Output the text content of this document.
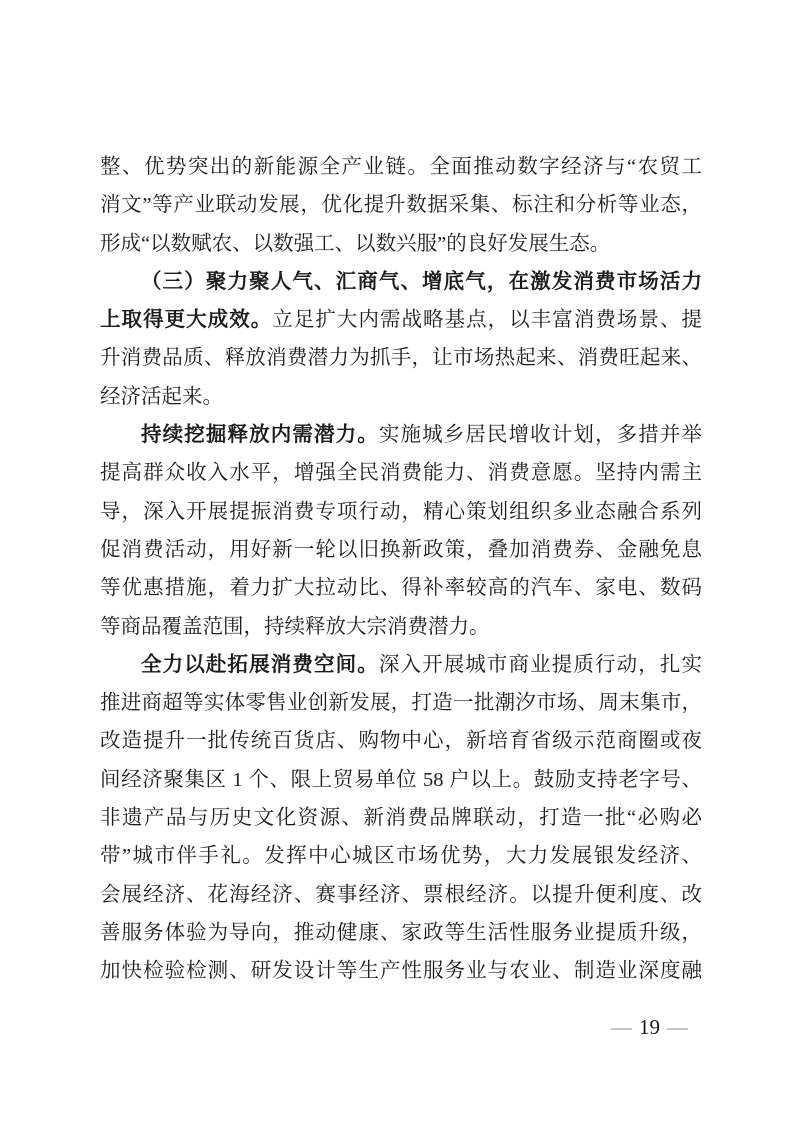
整、优势突出的新能源全产业链。全面推动数字经济与“农贸工
消文”等产业联动发展，优化提升数据采集、标注和分析等业态，
形成“以数赋农、以数强工、以数兴服”的良好发展生态。
（三）聚力聚人气、汇商气、增底气，在激发消费市场活力
上取得更大成效。立足扩大内需战略基点，以丰富消费场景、提
升消费品质、释放消费潜力为抓手，让市场热起来、消费旺起来、
经济活起来。
持续挖掘释放内需潜力。实施城乡居民增收计划，多措并举
提高群众收入水平，增强全民消费能力、消费意愿。坚持内需主
导，深入开展提振消费专项行动，精心策划组织多业态融合系列
促消费活动，用好新一轮以旧换新政策，叠加消费券、金融免息
等优惠措施，着力扩大拉动比、得补率较高的汽车、家电、数码
等商品覆盖范围，持续释放大宗消费潜力。
全力以赴拓展消费空间。深入开展城市商业提质行动，扎实
推进商超等实体零售业创新发展，打造一批潮汐市场、周末集市，
改造提升一批传统百货店、购物中心，新培育省级示范商圈或夜
间经济聚集区 1 个、限上贸易单位 58 户以上。鼓励支持老字号、
非遗产品与历史文化资源、新消费品牌联动，打造一批“必购必
带”城市伴手礼。发挥中心城区市场优势，大力发展银发经济、
会展经济、花海经济、赛事经济、票根经济。以提升便利度、改
善服务体验为导向，推动健康、家政等生活性服务业提质升级，
加快检验检测、研发设计等生产性服务业与农业、制造业深度融
— 19 —
